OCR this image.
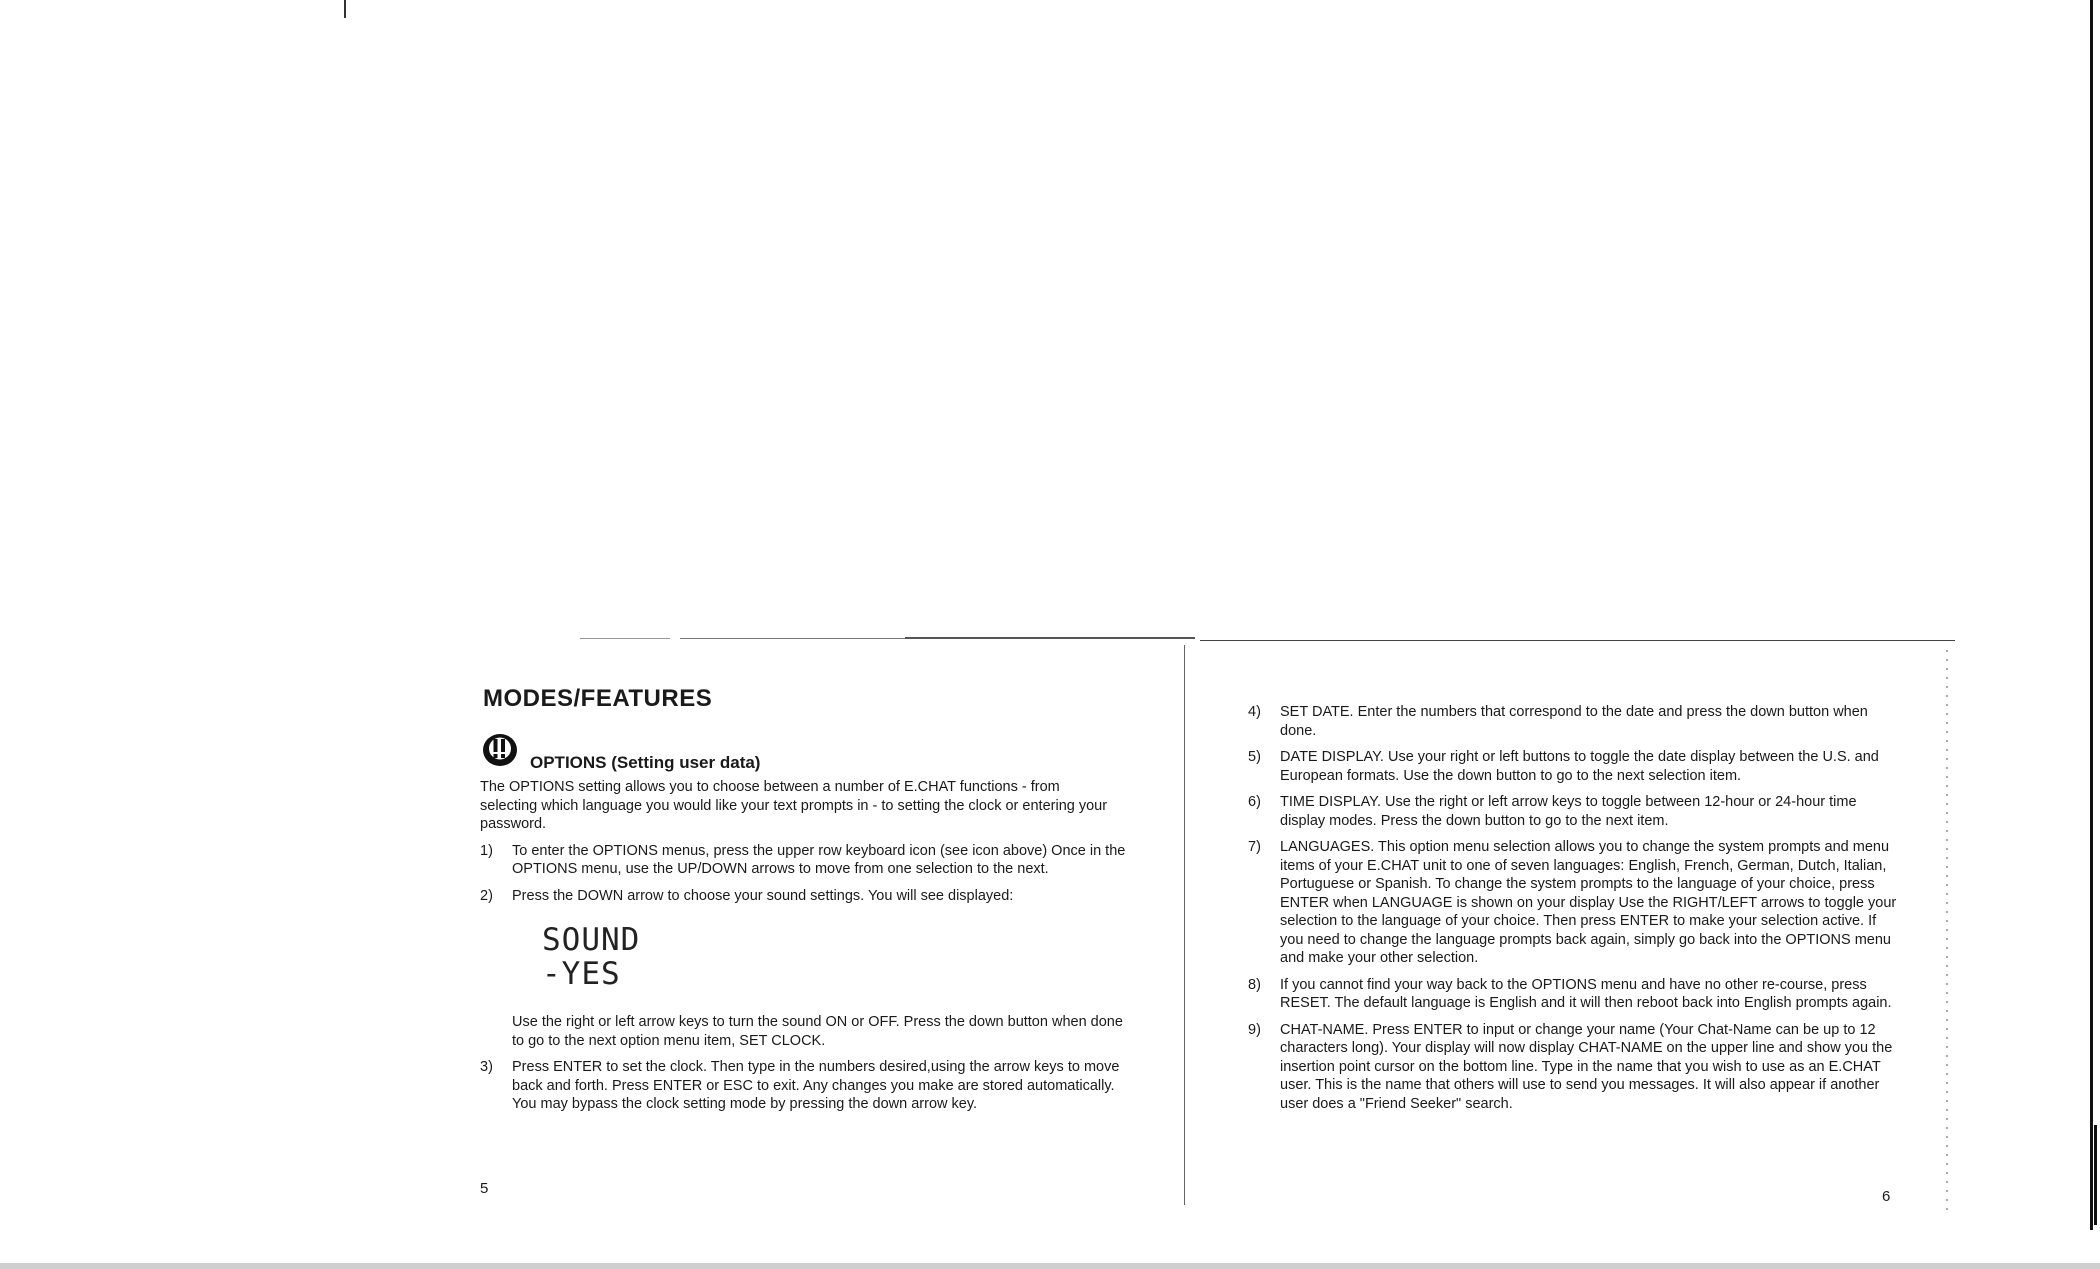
MODES/FEATURES
OPTIONS (Setting user data)
The OPTIONS setting allows you to choose between a number of E.CHAT functions - from selecting which language you would like your text prompts in - to setting the clock or entering your password.
1)	To enter the OPTIONS menus, press the upper row keyboard icon (see icon above) Once in the OPTIONS menu, use the UP/DOWN arrows to move from one selection to the next.
2)	Press the DOWN arrow to choose your sound settings. You will see displayed:
SOUND
-YES
Use the right or left arrow keys to turn the sound ON or OFF. Press the down button when done to go to the next option menu item, SET CLOCK.
3)	Press ENTER to set the clock. Then type in the numbers desired,using the arrow keys to move back and forth. Press ENTER or ESC to exit. Any changes you make are stored automatically. You may bypass the clock setting mode by pressing the down arrow key.
5
4)	SET DATE. Enter the numbers that correspond to the date and press the down button when done.
5)	DATE DISPLAY. Use your right or left buttons to toggle the date display between the U.S. and European formats. Use the down button to go to the next selection item.
6)	TIME DISPLAY. Use the right or left arrow keys to toggle between 12-hour or 24-hour time display modes. Press the down button to go to the next item.
7)	LANGUAGES. This option menu selection allows you to change the system prompts and menu items of your E.CHAT unit to one of seven languages: English, French, German, Dutch, Italian, Portuguese or Spanish. To change the system prompts to the language of your choice, press ENTER when LANGUAGE is shown on your display Use the RIGHT/LEFT arrows to toggle your selection to the language of your choice. Then press ENTER to make your selection active. If you need to change the language prompts back again, simply go back into the OPTIONS menu and make your other selection.
8)	If you cannot find your way back to the OPTIONS menu and have no other re-course, press RESET. The default language is English and it will then reboot back into English prompts again.
9)	CHAT-NAME. Press ENTER to input or change your name (Your Chat-Name can be up to 12 characters long). Your display will now display CHAT-NAME on the upper line and show you the insertion point cursor on the bottom line. Type in the name that you wish to use as an E.CHAT user. This is the name that others will use to send you messages. It will also appear if another user does a "Friend Seeker" search.
6
